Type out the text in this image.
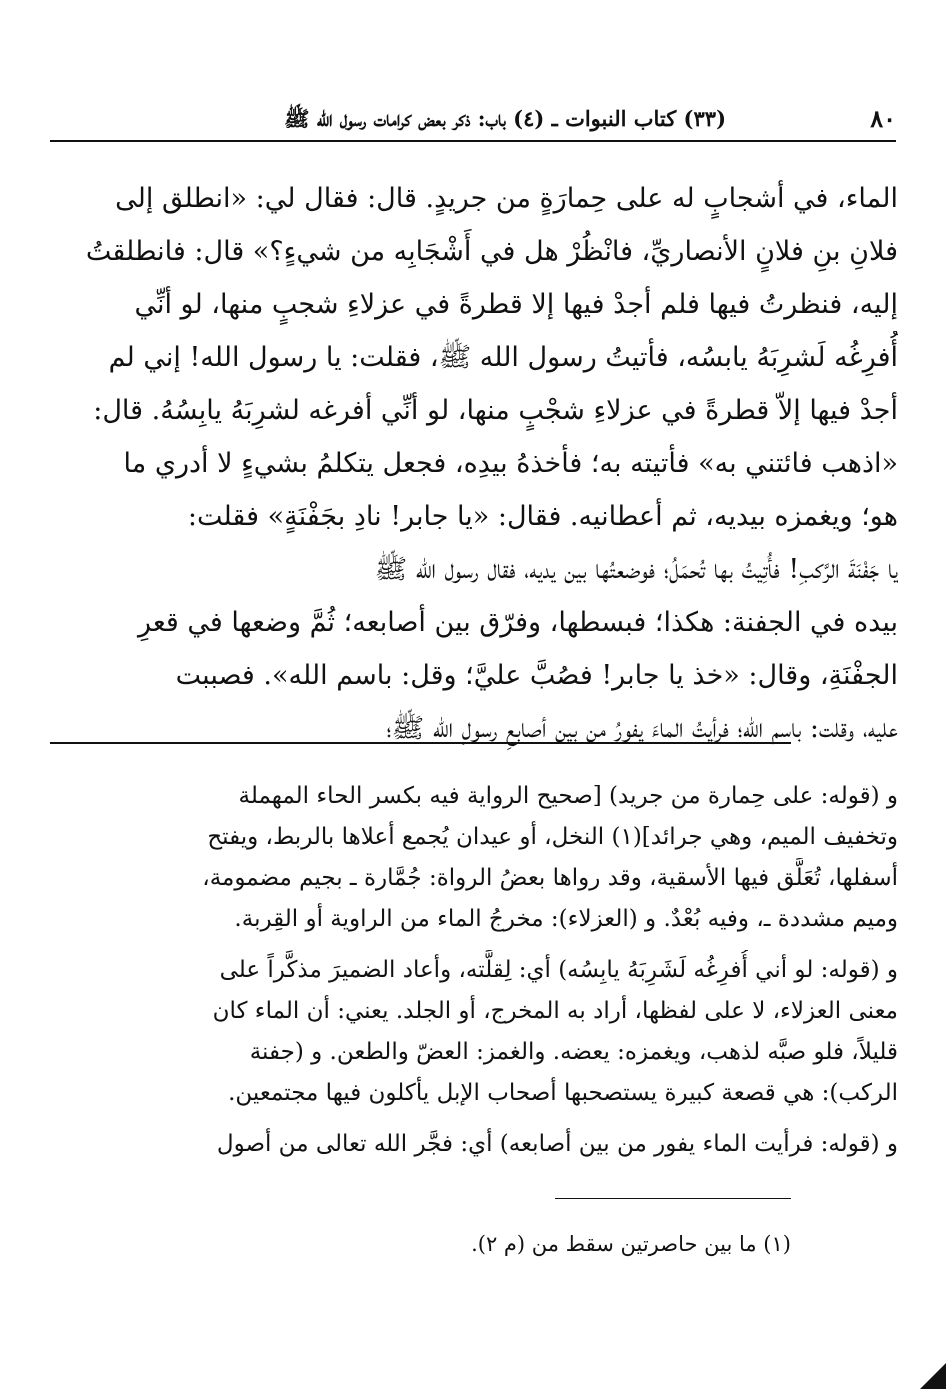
٨٠
(٣٣) كتاب النبوات ـ (٤) باب: ذكر بعض كرامات رسول الله ﷺ
الماء، في أشجابٍ له على حِمارَةٍ من جريدٍ. قال: فقال لي: «انطلق إلى
فلانِ بنِ فلانٍ الأنصاريِّ، فانْظُرْ هل في أَشْجَابِه من شيءٍ؟» قال: فانطلقتُ
إليه، فنظرتُ فيها فلم أجدْ فيها إلا قطرةً في عزلاءِ شجبٍ منها، لو أنِّي
أُفرِغُه لَشرِبَهُ يابسُه، فأتيتُ رسول الله ﷺ، فقلت: يا رسول الله! إني لم
أجدْ فيها إلاّ قطرةً في عزلاءِ شجْبٍ منها، لو أنِّي أفرغه لشرِبَهُ يابِسُهُ. قال:
«اذهب فائتني به» فأتيته به؛ فأخذهُ بيدِه، فجعل يتكلمُ بشيءٍ لا أدري ما
هو؛ ويغمزه بيديه، ثم أعطانيه. فقال: «يا جابر! نادِ بجَفْنَةٍ» فقلت:
يا جَفْنَةَ الرَّكبِ! فأُتِيتُ بها تُحمَلُ؛ فوضعتُها بين يديه، فقال رسول الله ﷺ
بيده في الجفنة: هكذا؛ فبسطها، وفرّق بين أصابعه؛ ثُمَّ وضعها في قعرِ
الجفْنَةِ، وقال: «خذ يا جابر! فصُبَّ عليَّ؛ وقل: باسم الله». فصببت
عليه، وقلت: باسم الله؛ فرأيتُ الماءَ يفورُ من بين أصابعِ رسولِ الله ﷺ؛
و (قوله: على حِمارة من جريد) [صحيح الرواية فيه بكسر الحاء المهملة
وتخفيف الميم، وهي جرائد](١) النخل، أو عيدان يُجمع أعلاها بالربط، ويفتح
أسفلها، تُعَلَّق فيها الأسقية، وقد رواها بعضُ الرواة: جُمَّارة ـ بجيم مضمومة،
وميم مشددة ـ، وفيه بُعْدٌ. و (العزلاء): مخرجُ الماء من الراوية أو القِربة.
و (قوله: لو أني أُفرِغُه لَشَرِبَهُ يابِسُه) أي: لِقلَّته، وأعاد الضميرَ مذكَّراً على
معنى العزلاء، لا على لفظها، أراد به المخرج، أو الجلد. يعني: أن الماء كان
قليلاً، فلو صبَّه لذهب، ويغمزه: يعضه. والغمز: العضّ والطعن. و (جفنة
الركب): هي قصعة كبيرة يستصحبها أصحاب الإبل يأكلون فيها مجتمعين.
و (قوله: فرأيت الماء يفور من بين أصابعه) أي: فجَّر الله تعالى من أصول
(١) ما بين حاصرتين سقط من (م ٢).
